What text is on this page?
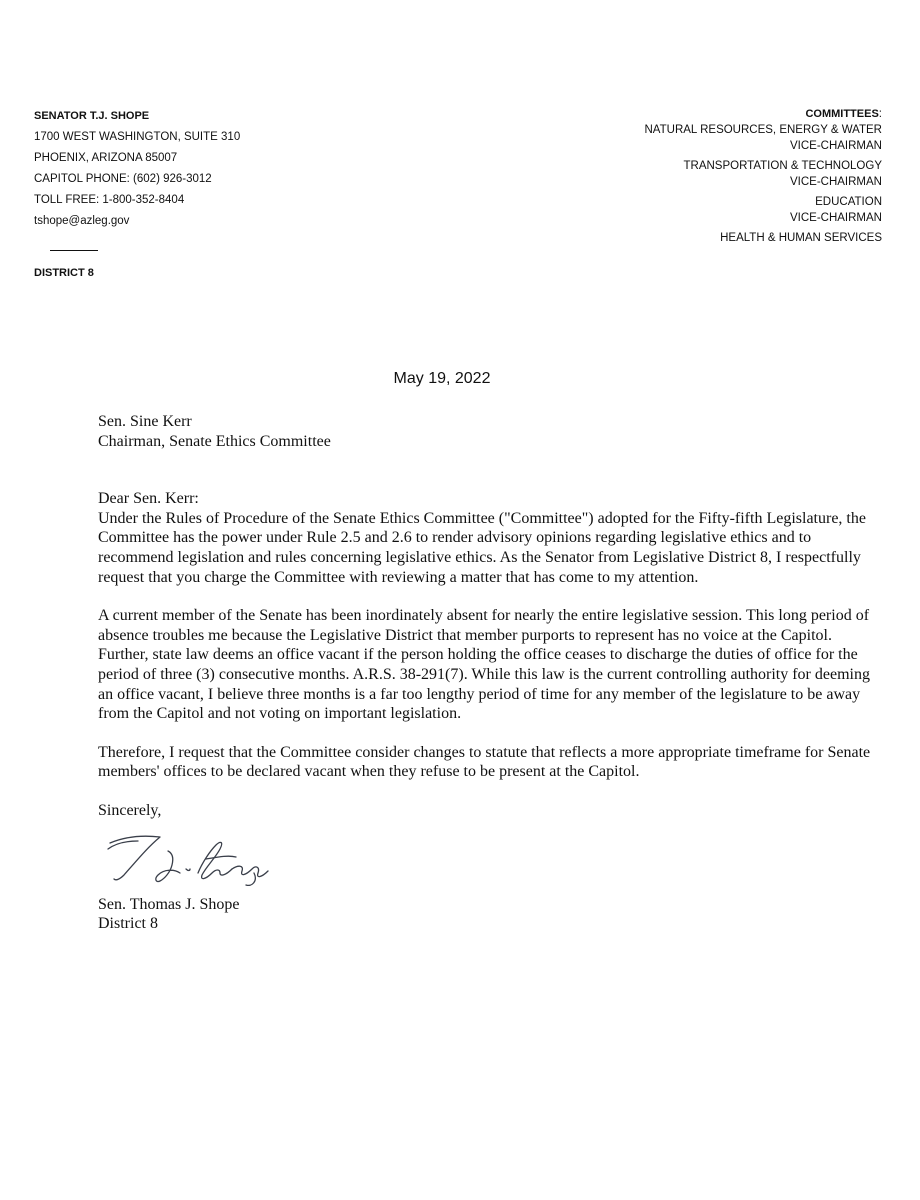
SENATOR T.J. SHOPE
1700 WEST WASHINGTON, SUITE 310
PHOENIX, ARIZONA 85007
CAPITOL PHONE: (602) 926-3012
TOLL FREE: 1-800-352-8404
tshope@azleg.gov
DISTRICT 8
COMMITTEES:
NATURAL RESOURCES, ENERGY & WATER
VICE-CHAIRMAN
TRANSPORTATION & TECHNOLOGY
VICE-CHAIRMAN
EDUCATION
VICE-CHAIRMAN
HEALTH & HUMAN SERVICES
May 19, 2022

Sen. Sine Kerr

Chairman, Senate Ethics Committee

Dear Sen. Kerr:

Under the Rules of Procedure of the Senate Ethics Committee ("Committee") adopted for the Fifty-fifth Legislature, the Committee has the power under Rule 2.5 and 2.6 to render advisory opinions regarding legislative ethics and to recommend legislation and rules concerning legislative ethics. As the Senator from Legislative District 8, I respectfully request that you charge the Committee with reviewing a matter that has come to my attention.

A current member of the Senate has been inordinately absent for nearly the entire legislative session. This long period of absence troubles me because the Legislative District that member purports to represent has no voice at the Capitol. Further, state law deems an office vacant if the person holding the office ceases to discharge the duties of office for the period of three (3) consecutive months. A.R.S. 38-291(7). While this law is the current controlling authority for deeming an office vacant, I believe three months is a far too lengthy period of time for any member of the legislature to be away from the Capitol and not voting on important legislation.

Therefore, I request that the Committee consider changes to statute that reflects a more appropriate timeframe for Senate members' offices to be declared vacant when they refuse to be present at the Capitol.

Sincerely,

Sen. Thomas J. Shope

District 8
